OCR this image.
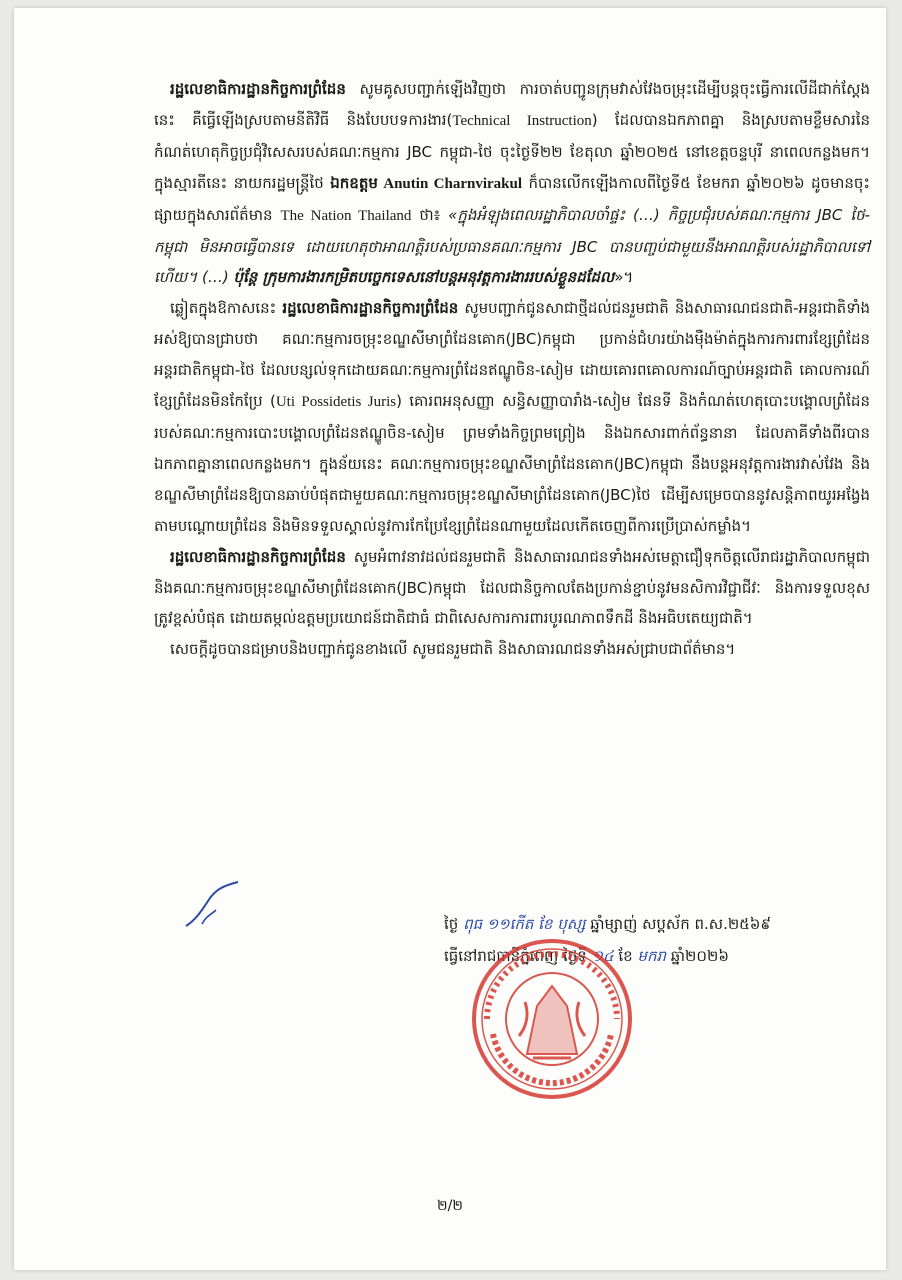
រដ្ឋលេខាធិការដ្ឋានកិច្ចការព្រំដែន សូមគូសបញ្ជាក់ឡើងវិញថា ការចាត់បញ្ជូនក្រុមវាស់វែងចម្រុះដើម្បីបន្តចុះធ្វើការលើដីជាក់ស្តែងនេះ គឺធ្វើឡើងស្របតាមនីតិវិធី និងបែបបទការងារ(Technical Instruction) ដែលបានឯកភាពគ្នា និងស្របតាមខ្លឹមសារនៃកំណត់ហេតុកិច្ចប្រជុំវិសេសរបស់គណៈកម្មការ JBC កម្ពុជា-ថៃ ចុះថ្ងៃទី២២ ខែតុលា ឆ្នាំ២០២៥ នៅខេត្តចន្ទបុរី នាពេលកន្លងមក។ ក្នុងស្មារតីនេះ នាយករដ្ឋមន្ត្រីថៃ ឯកឧត្តម Anutin Charnvirakul ក៏បានលើកឡើងកាលពីថ្ងៃទី៥ ខែមករា ឆ្នាំ២០២៦ ដូចមានចុះផ្សាយក្នុងសារព័ត៌មាន The Nation Thailand ថា៖ «ក្នុងអំឡុងពេលរដ្ឋាភិបាលចាំផ្ទះ (…) កិច្ចប្រជុំរបស់គណៈកម្មការ JBC ថៃ-កម្ពុជា មិនអាចធ្វើបានទេ ដោយហេតុថាអាណត្តិរបស់ប្រធានគណៈកម្មការ JBC បានបញ្ចប់ជាមួយនឹងអាណត្តិរបស់រដ្ឋាភិបាលទៅហើយ។ (…) ប៉ុន្តែ ក្រុមការងារកម្រិតបច្ចេកទេសនៅបន្តអនុវត្តការងាររបស់ខ្លួនដដែល»។

ឆ្លៀតក្នុងឱកាសនេះ រដ្ឋលេខាធិការដ្ឋានកិច្ចការព្រំដែន សូមបញ្ជាក់ជូនសាជាថ្មីដល់ជនរួមជាតិ និងសាធារណជនជាតិ-អន្តរជាតិទាំងអស់ឱ្យបានជ្រាបថា គណៈកម្មការចម្រុះខណ្ឌសីមាព្រំដែនគោក(JBC)កម្ពុជា ប្រកាន់ជំហរយ៉ាងម៉ឺងម៉ាត់ក្នុងការការពារខ្សែព្រំដែនអន្តរជាតិកម្ពុជា-ថៃ ដែលបន្សល់ទុកដោយគណៈកម្មការព្រំដែនឥណ្ឌូចិន-សៀម ដោយគោរពគោលការណ៍ច្បាប់អន្តរជាតិ គោលការណ៍ខ្សែព្រំដែនមិនកែប្រែ (Uti Possidetis Juris) គោរពអនុសញ្ញា សន្ធិសញ្ញាបារាំង-សៀម ផែនទី និងកំណត់ហេតុបោះបង្គោលព្រំដែនរបស់គណៈកម្មការបោះបង្គោលព្រំដែនឥណ្ឌូចិន-សៀម ព្រមទាំងកិច្ចព្រមព្រៀង និងឯកសារពាក់ព័ន្ធនានា ដែលភាគីទាំងពីរបានឯកភាពគ្នានាពេលកន្លងមក។ ក្នុងន័យនេះ គណៈកម្មការចម្រុះខណ្ឌសីមាព្រំដែនគោក(JBC)កម្ពុជា នឹងបន្តអនុវត្តការងារវាស់វែង និងខណ្ឌសីមាព្រំដែនឱ្យបានឆាប់បំផុតជាមួយគណៈកម្មការចម្រុះខណ្ឌសីមាព្រំដែនគោក(JBC)ថៃ ដើម្បីសម្រេចបាននូវសន្តិភាពយូរអង្វែងតាមបណ្តោយព្រំដែន និងមិនទទួលស្គាល់នូវការកែប្រែខ្សែព្រំដែនណាមួយដែលកើតចេញពីការប្រើប្រាស់កម្លាំង។

រដ្ឋលេខាធិការដ្ឋានកិច្ចការព្រំដែន សូមអំពាវនាវដល់ជនរួមជាតិ និងសាធារណជនទាំងអស់មេត្តាជឿទុកចិត្តលើរាជរដ្ឋាភិបាលកម្ពុជា និងគណៈកម្មការចម្រុះខណ្ឌសីមាព្រំដែនគោក(JBC)កម្ពុជា ដែលជានិច្ចកាលតែងប្រកាន់ខ្ជាប់នូវមនសិការវិជ្ជាជីវៈ និងការទទួលខុសត្រូវខ្ពស់បំផុត ដោយតម្កល់ឧត្តមប្រយោជន៍ជាតិជាធំ ជាពិសេសការការពារបូរណភាពទឹកដី និងអធិបតេយ្យជាតិ។

សេចក្តីដូចបានជម្រាបនិងបញ្ជាក់ជូនខាងលើ សូមជនរួមជាតិ និងសាធារណជនទាំងអស់ជ្រាបជាព័ត៌មាន។

ថ្ងៃ ពុធ ១១កើត ខែ បុស្ស ឆ្នាំម្សាញ់ សប្តស័ក ព.ស.២៥៦៩
ធ្វើនៅរាជធានីភ្នំពេញ ថ្ងៃទី ១៤ ខែ មករា ឆ្នាំ២០២៦
២/២
